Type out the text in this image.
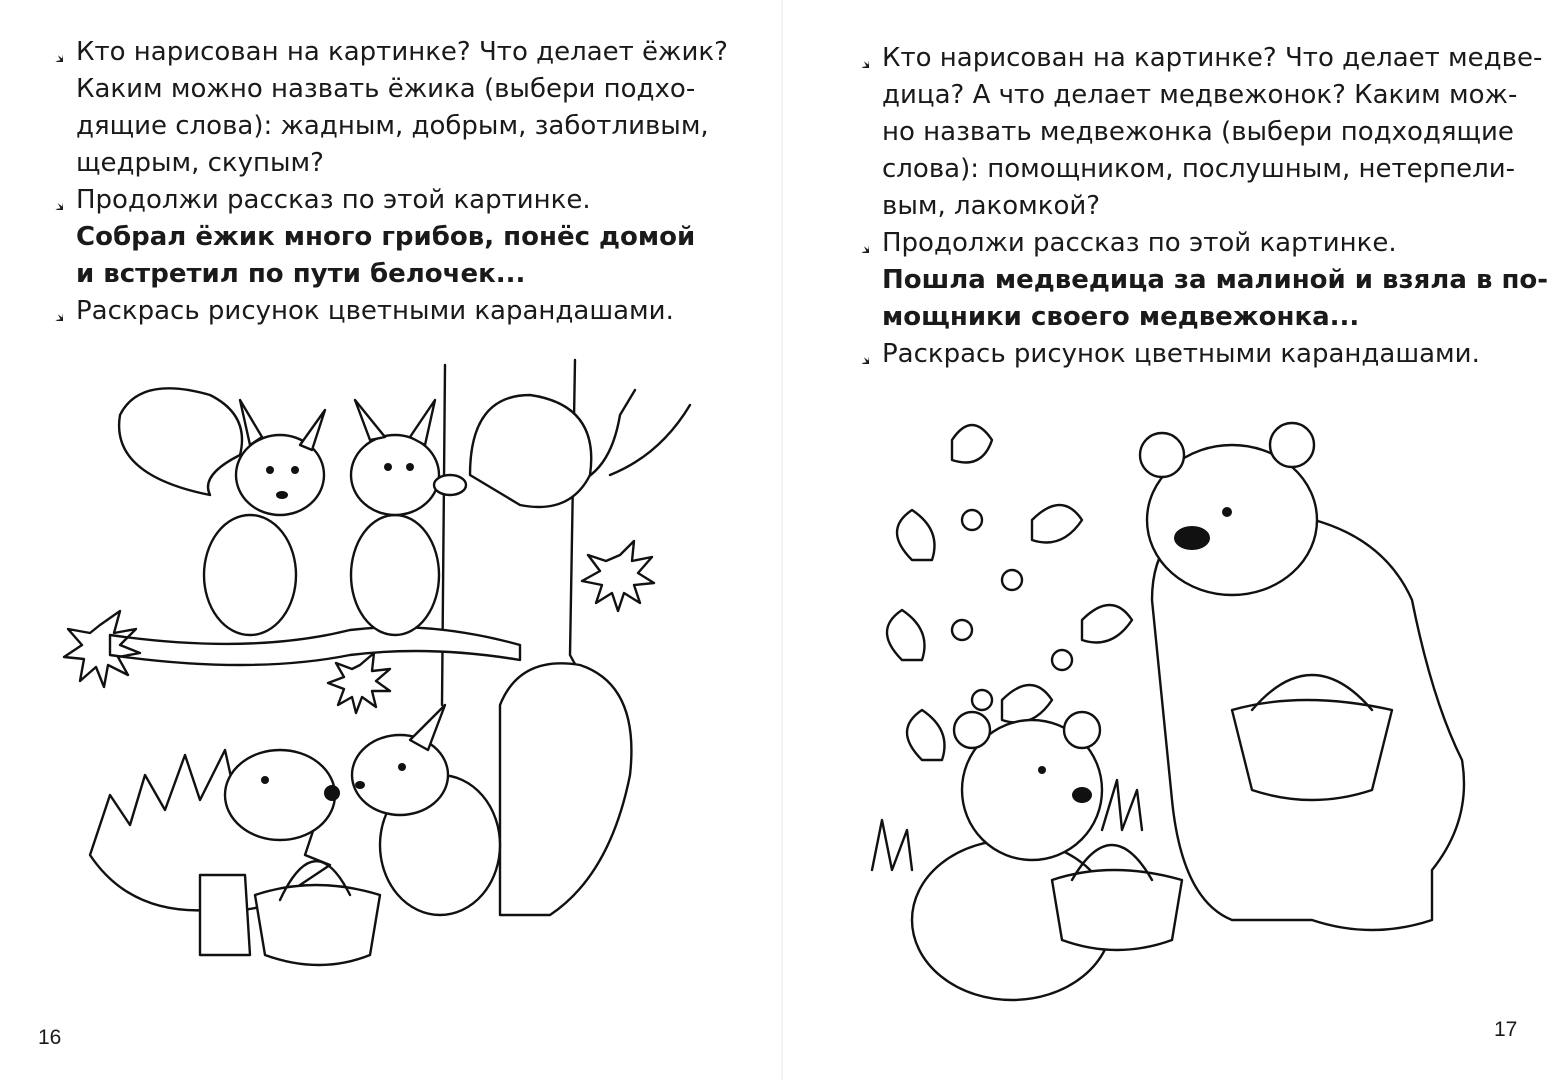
Кто нарисован на картинке? Что делает ёжик?
Каким можно назвать ёжика (выбери подхо-
дящие слова): жадным, добрым, заботливым,
щедрым, скупым?
Продолжи рассказ по этой картинке.
Собрал ёжик много грибов, понёс домой
и встретил по пути белочек...
Раскрась рисунок цветными карандашами.
16
Кто нарисован на картинке? Что делает медве-
дица? А что делает медвежонок? Каким мож-
но назвать медвежонка (выбери подходящие
слова): помощником, послушным, нетерпели-
вым, лакомкой?
Продолжи рассказ по этой картинке.
Пошла медведица за малиной и взяла в по-
мощники своего медвежонка...
Раскрась рисунок цветными карандашами.
17
